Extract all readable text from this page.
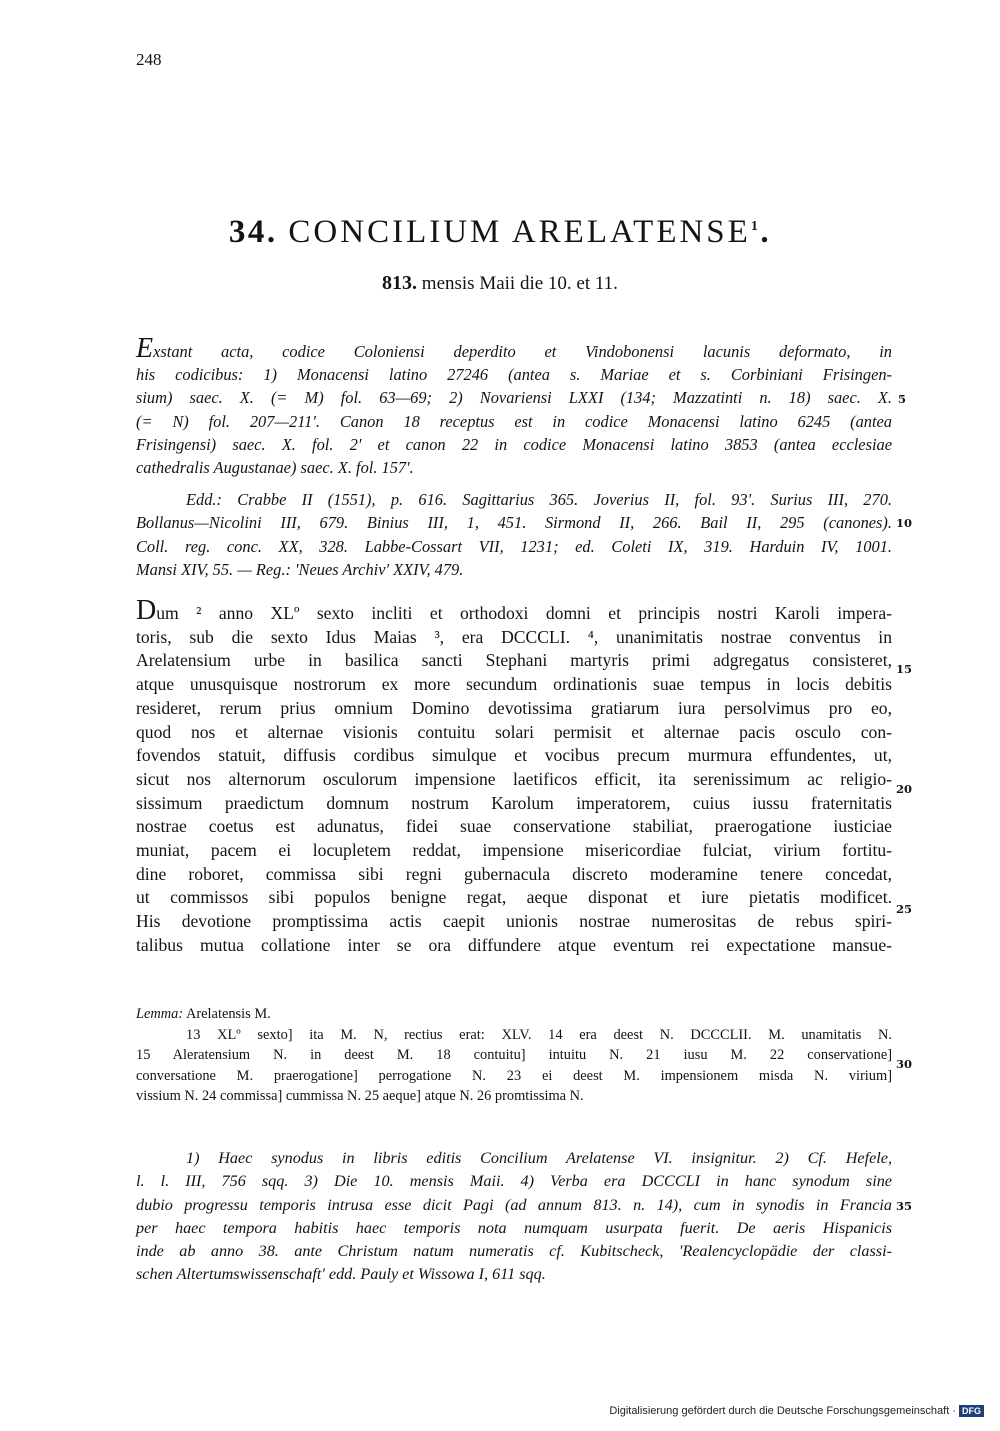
248
34. CONCILIUM ARELATENSE$^1$.
813. mensis Maii die 10. et 11.
Exstant acta, codice Coloniensi deperdito et Vindobonensi lacunis deformato, in
his codicibus: 1) Monacensi latino 27246 (antea s. Mariae et s. Corbiniani Frisingen-
sium) saec. X. (= M) fol. 63—69; 2) Novariensi LXXI (134; Mazzatinti n. 18) saec. X.
(= N) fol. 207—211'. Canon 18 receptus est in codice Monacensi latino 6245 (antea
Frisingensi) saec. X. fol. 2' et canon 22 in codice Monacensi latino 3853 (antea ecclesiae
cathedralis Augustanae) saec. X. fol. 157'.
Edd.: Crabbe II (1551), p. 616. Sagittarius 365. Joverius II, fol. 93'. Surius III, 270.
Bollanus—Nicolini III, 679. Binius III, 1, 451. Sirmond II, 266. Bail II, 295 (canones).
Coll. reg. conc. XX, 328. Labbe-Cossart VII, 1231; ed. Coleti IX, 319. Harduin IV, 1001.
Mansi XIV, 55. — Reg.: 'Neues Archiv' XXIV, 479.
Dum ² anno XLº sexto incliti et orthodoxi domni et principis nostri Karoli impera-
toris, sub die sexto Idus Maias ³, era DCCCLI. ⁴, unanimitatis nostrae conventus in
Arelatensium urbe in basilica sancti Stephani martyris primi adgregatus consisteret,
atque unusquisque nostrorum ex more secundum ordinationis suae tempus in locis debitis
resideret, rerum prius omnium Domino devotissima gratiarum iura persolvimus pro eo,
quod nos et alternae visionis contuitu solari permisit et alternae pacis osculo con-
fovendos statuit, diffusis cordibus simulque et vocibus precum murmura effundentes, ut,
sicut nos alternorum osculorum impensione laetificos efficit, ita serenissimum ac religio-
sissimum praedictum domnum nostrum Karolum imperatorem, cuius iussu fraternitatis
nostrae coetus est adunatus, fidei suae conservatione stabiliat, praerogatione iusticiae
muniat, pacem ei locupletem reddat, impensione misericordiae fulciat, virium fortitu-
dine roboret, commissa sibi regni gubernacula discreto moderamine tenere concedat,
ut commissos sibi populos benigne regat, aeque disponat et iure pietatis modificet.
His devotione promptissima actis caepit unionis nostrae numerositas de rebus spiri-
talibus mutua collatione inter se ora diffundere atque eventum rei expectatione mansue-
Lemma: Arelatensis M.
13 XLº sexto] ita M. N, rectius erat: XLV. 14 era deest N. DCCCLII. M. unamitatis N.
15 Aleratensium N. in deest M. 18 contuitu] intuitu N. 21 iusu M. 22 conservatione]
conversatione M. praerogatione] perrogatione N. 23 ei deest M. impensionem misda N. virium]
vissium N. 24 commissa] cummissa N. 25 aeque] atque N. 26 promtissima N.
1) Haec synodus in libris editis Concilium Arelatense VI. insignitur. 2) Cf. Hefele,
l. l. III, 756 sqq. 3) Die 10. mensis Maii. 4) Verba era DCCCLI in hanc synodum sine
dubio progressu temporis intrusa esse dicit Pagi (ad annum 813. n. 14), cum in synodis in Francia
per haec tempora habitis haec temporis nota numquam usurpata fuerit. De aeris Hispanicis
inde ab anno 38. ante Christum natum numeratis cf. Kubitscheck, 'Realencyclopädie der classi-
schen Altertumswissenschaft' edd. Pauly et Wissowa I, 611 sqq.
5
10
15
20
25
30
35
Digitalisierung gefördert durch die Deutsche Forschungsgemeinschaft · DFG
